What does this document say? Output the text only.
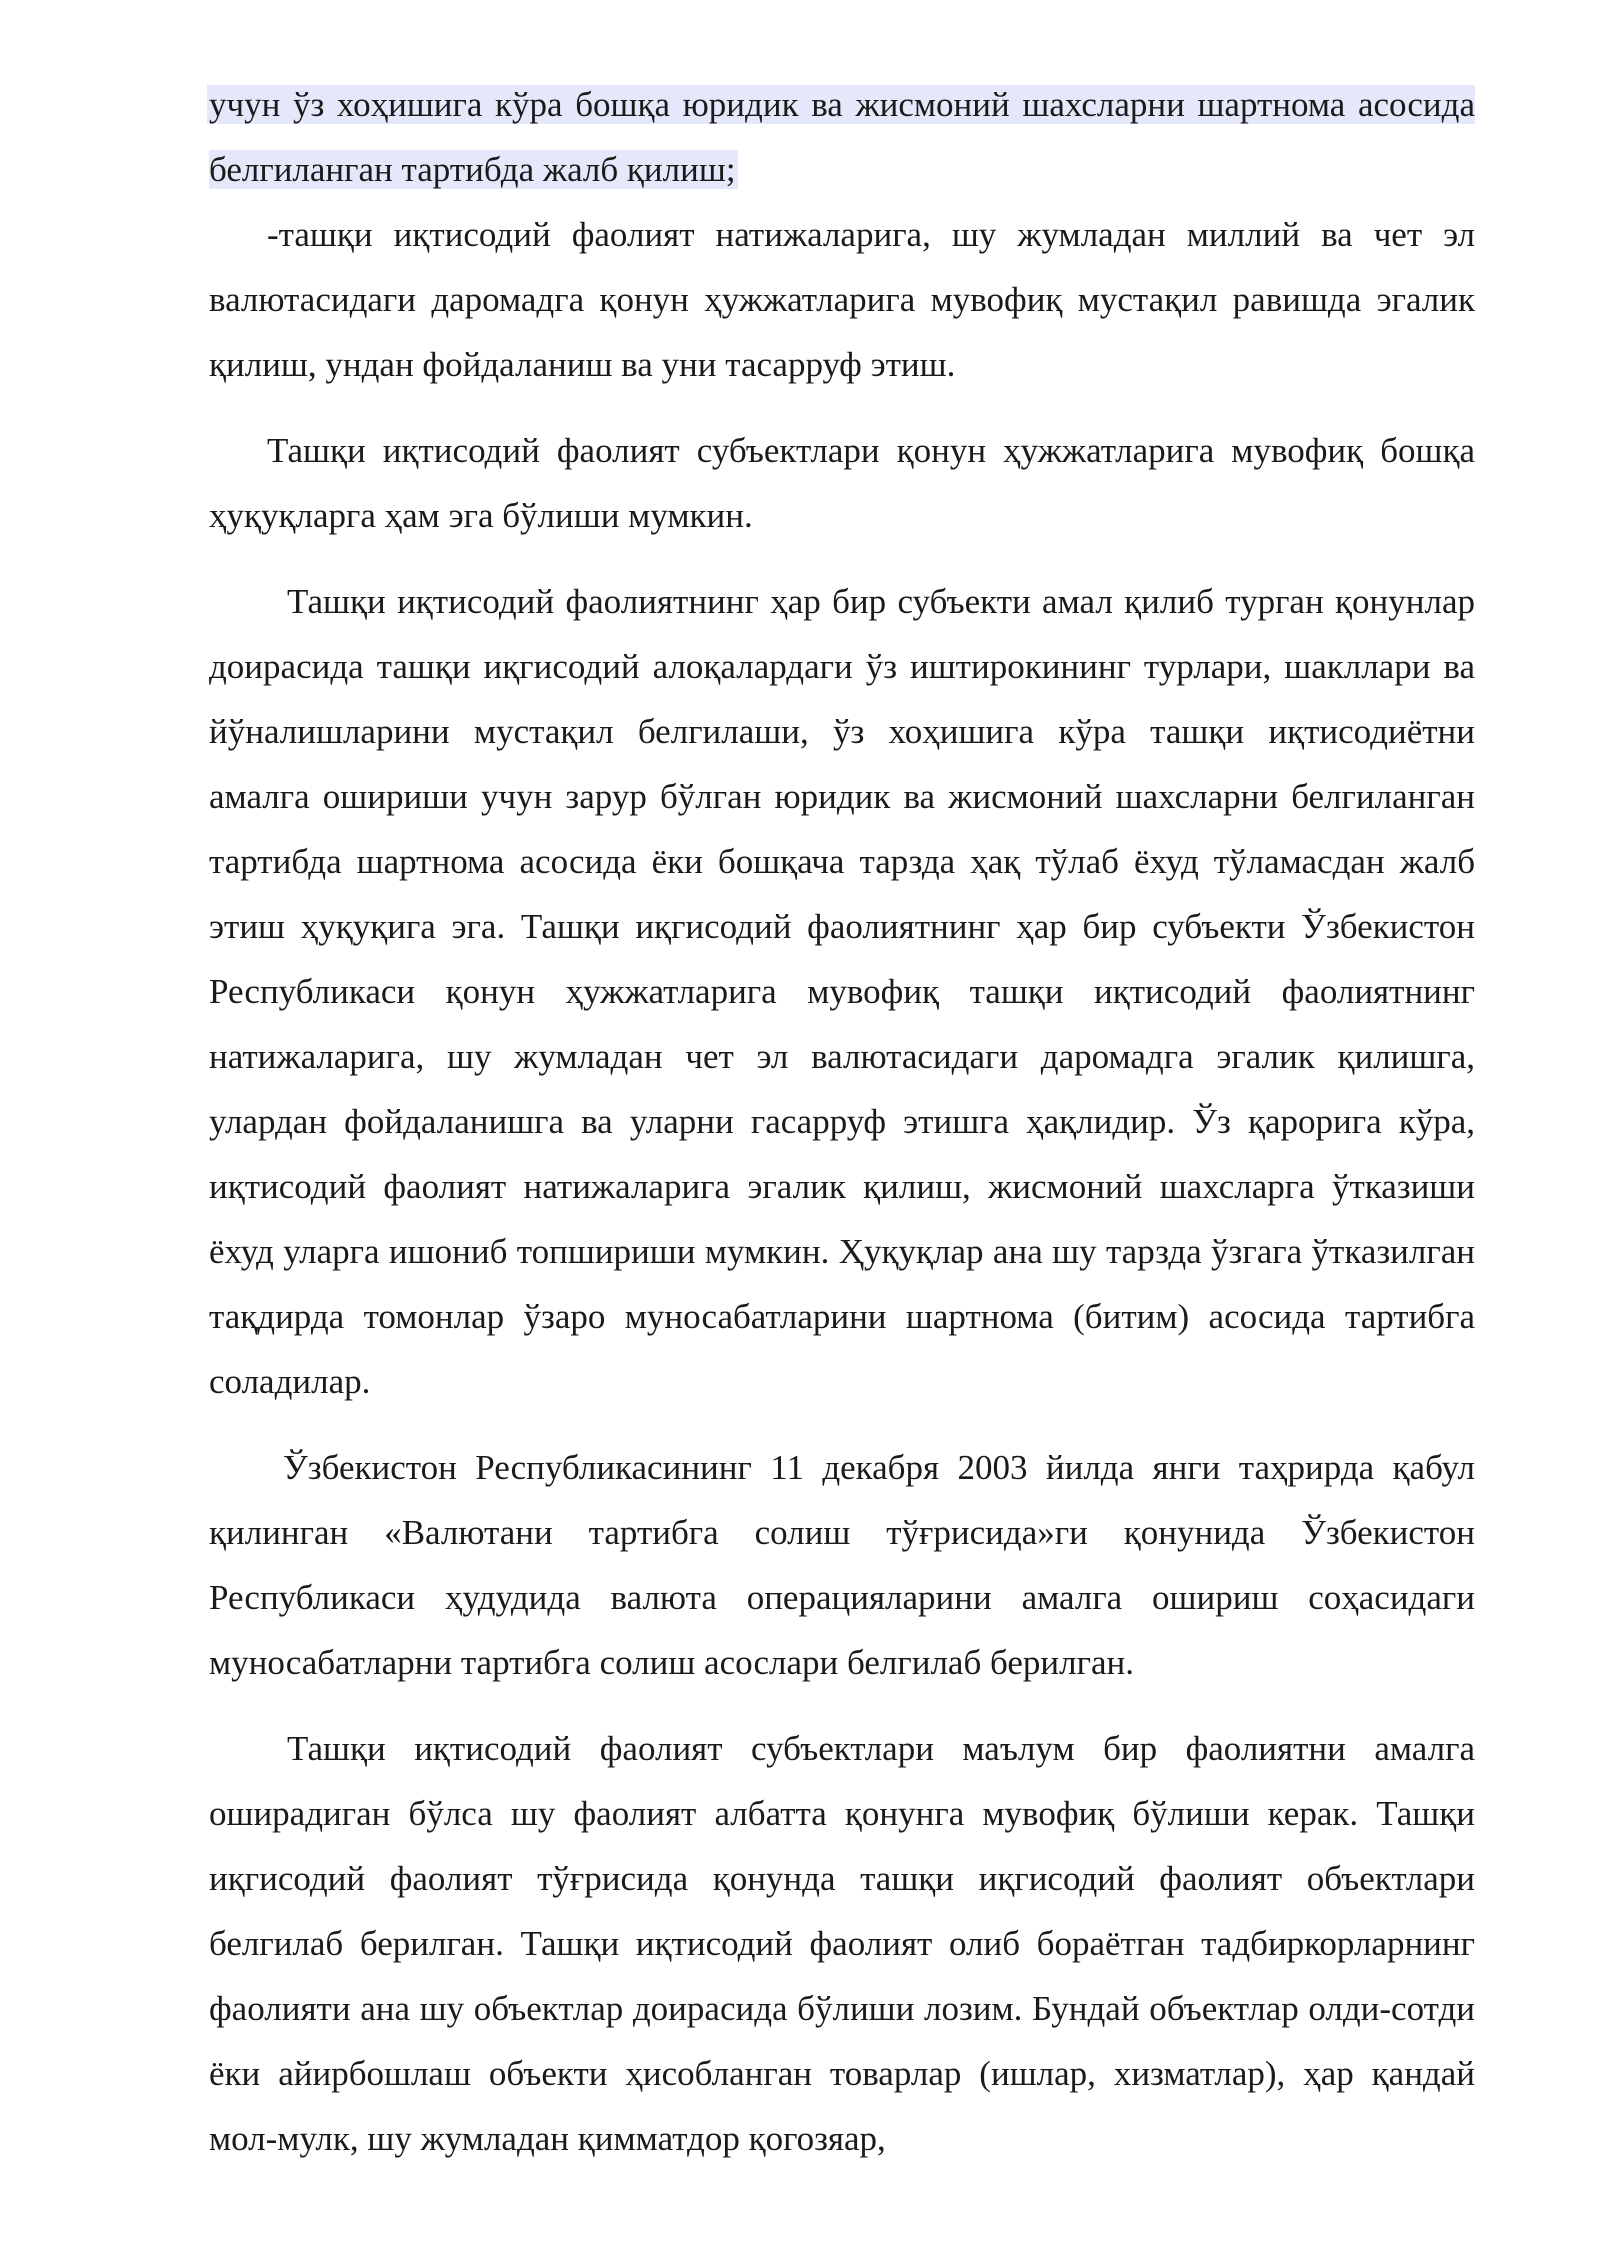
учун ўз хоҳишига кўра бошқа юридик ва жисмоний шахсларни шартнома асосида белгиланган тартибда жалб қилиш;

-ташқи иқтисодий фаолият натижаларига, шу жумладан миллий ва чет эл валютасидаги даромадга қонун ҳужжатларига мувофиқ мустақил равишда эгалик қилиш, ундан фойдаланиш ва уни тасарруф этиш.

Ташқи иқтисодий фаолият субъектлари қонун ҳужжатларига мувофиқ бошқа ҳуқуқларга ҳам эга бўлиши мумкин.

Ташқи иқтисодий фаолиятнинг ҳар бир субъекти амал қилиб турган қонунлар доирасида ташқи иқгисодий алоқалардаги ўз иштирокининг турлари, шакллари ва йўналишларини мустақил белгилаши, ўз хоҳишига кўра ташқи иқтисодиётни амалга ошириши учун зарур бўлган юридик ва жисмоний шахсларни белгиланган тартибда шартнома асосида ёки бошқача тарзда ҳақ тўлаб ёхуд тўламасдан жалб этиш ҳуқуқига эга. Ташқи иқгисодий фаолиятнинг ҳар бир субъекти Ўзбекистон Республикаси қонун ҳужжатларига мувофиқ ташқи иқтисодий фаолиятнинг натижаларига, шу жумладан чет эл валютасидаги даромадга эгалик қилишга, улардан фойдаланишга ва уларни гасарруф этишга ҳақлидир. Ўз қарорига кўра, иқтисодий фаолият натижаларига эгалик қилиш, жисмоний шахсларга ўтказиши ёхуд уларга ишониб топшириши мумкин. Ҳуқуқлар ана шу тарзда ўзгага ўтказилган тақдирда томонлар ўзаро муносабатларини шартнома (битим) асосида тартибга соладилар.

Ўзбекистон Республикасининг 11 декабря 2003 йилда янги таҳрирда қабул қилинган «Валютани тартибга солиш тўғрисида»ги қонунида Ўзбекистон Республикаси ҳудудида валюта операцияларини амалга ошириш соҳасидаги муносабатларни тартибга солиш асослари белгилаб берилган.

Ташқи иқтисодий фаолият субъектлари маълум бир фаолиятни амалга оширадиган бўлса шу фаолият албатта қонунга мувофиқ бўлиши керак. Ташқи иқгисодий фаолият тўғрисида қонунда ташқи иқгисодий фаолият объектлари белгилаб берилган. Ташқи иқтисодий фаолият олиб бораётган тадбиркорларнинг фаолияти ана шу объектлар доирасида бўлиши лозим. Бундай объектлар олди-сотди ёки айирбошлаш объекти ҳисобланган товарлар (ишлар, хизматлар), ҳар қандай мол-мулк, шу жумладан қимматдор қогозяар,
